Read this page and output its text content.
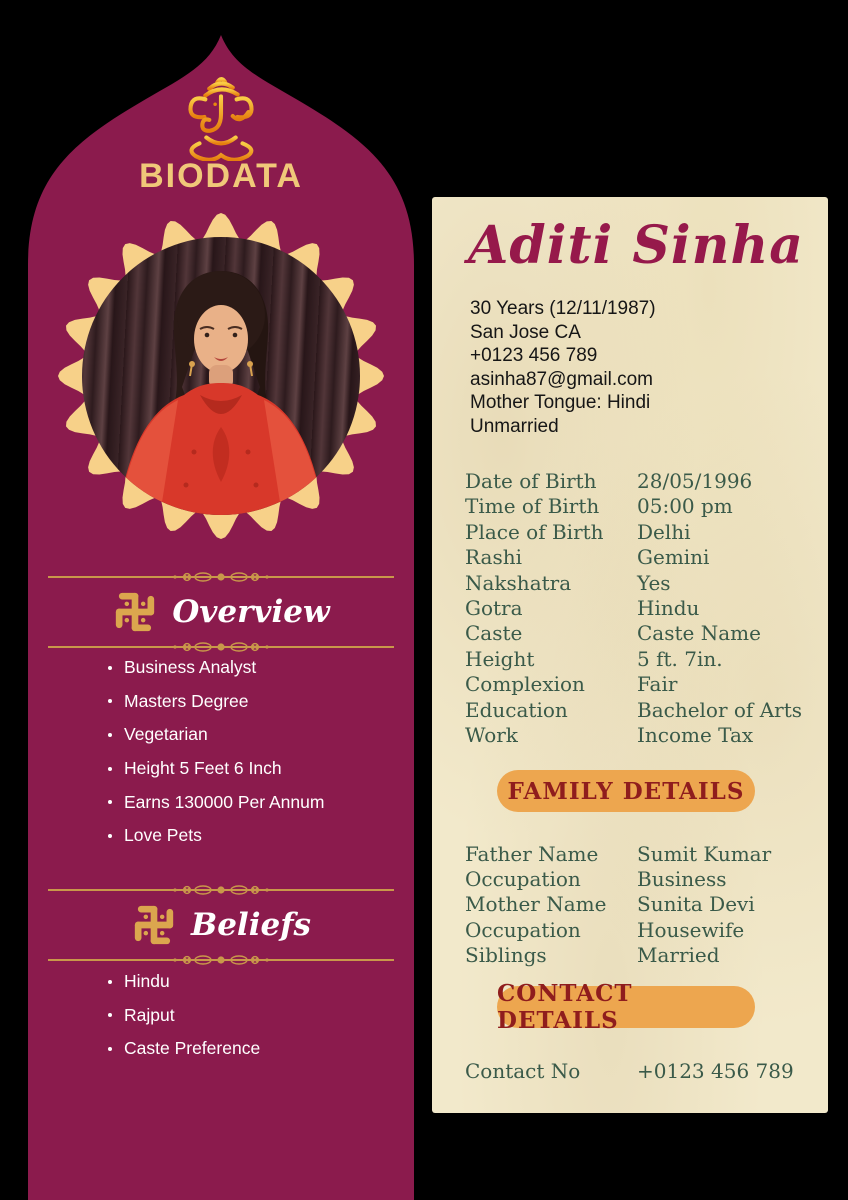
BIODATA
Overview
Business Analyst
Masters Degree
Vegetarian
Height 5 Feet 6 Inch
Earns 130000 Per Annum
Love Pets
Beliefs
Hindu
Rajput
Caste Preference
Aditi Sinha
30 Years (12/11/1987)
San Jose CA
+0123 456 789
asinha87@gmail.com
Mother Tongue: Hindi
Unmarried
Date of Birth	28/05/1996
Time of Birth	05:00 pm
Place of Birth	Delhi
Rashi	Gemini
Nakshatra	Yes
Gotra	Hindu
Caste	Caste Name
Height	5 ft. 7in.
Complexion	Fair
Education	Bachelor of Arts
Work	Income Tax
FAMILY DETAILS
Father Name	Sumit Kumar
Occupation	Business
Mother Name	Sunita Devi
Occupation	Housewife
Siblings	Married
CONTACT DETAILS
Contact No	+0123 456 789
